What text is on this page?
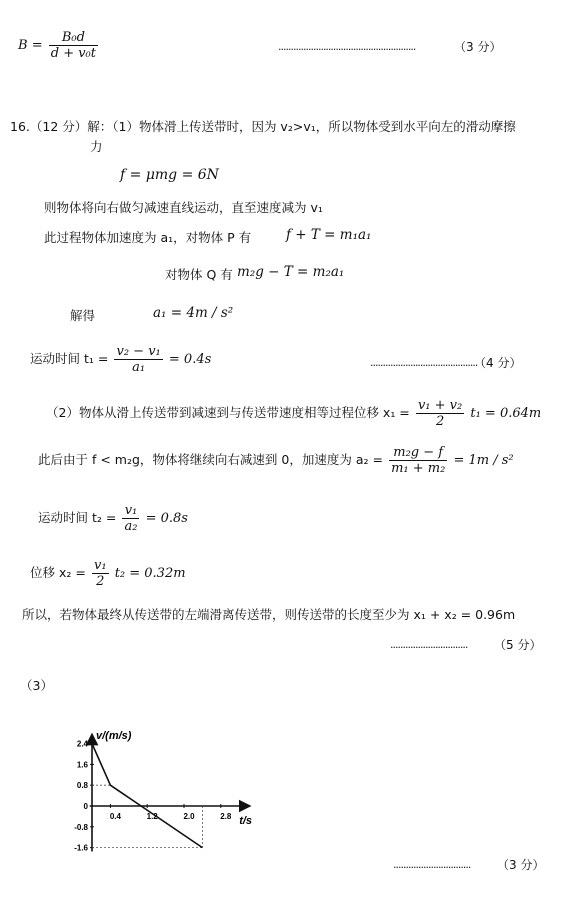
$B = \frac{\text{B₀d}}{\text{d + v₀t}}$	.......................................................	（3 分）
16.（12 分）解：（1）物体滑上传送带时，因为 v₂>v₁，所以物体受到水平向左的滑动摩擦
力
f = μmg = 6N
则物体将向右做匀减速直线运动，直至速度减为 v₁
此过程物体加速度为 a₁，对物体 P 有	f + T = m₁a₁
对物体 Q 有 m₂g − T = m₂a₁
解得	a₁ = 4m / s²
运动时间 $t_1 = \frac{\text{v₂ − v₁}}{\text{a₁}} = 0.4s$	...........................................
（4 分）
（2）物体从滑上传送带到减速到与传送带速度相等过程位移 $x_1 = \frac{\text{v₁ + v₂}}{2} t_1 = 0.64m$
此后由于 f < m₂g，物体将继续向右减速到 0，加速度为 $a_2 = \frac{\text{m₂g − f}}{\text{m₁ + m₂}} = 1m / s^2$
运动时间 $t_2 = \frac{\text{v₁}}{\text{a₂}} = 0.8s$
位移 $x_2 = \frac{\text{v₁}}{2} t_2 = 0.32m$
所以，若物体最终从传送带的左端滑离传送带，则传送带的长度至少为 x₁ + x₂ = 0.96m
............................... （5 分）
（3）
v/(m/s)
t/s
2.4
1.6
0.8
0
-0.8
-1.6
0.4	1.2	2.0	2.8
............................... （3 分）
